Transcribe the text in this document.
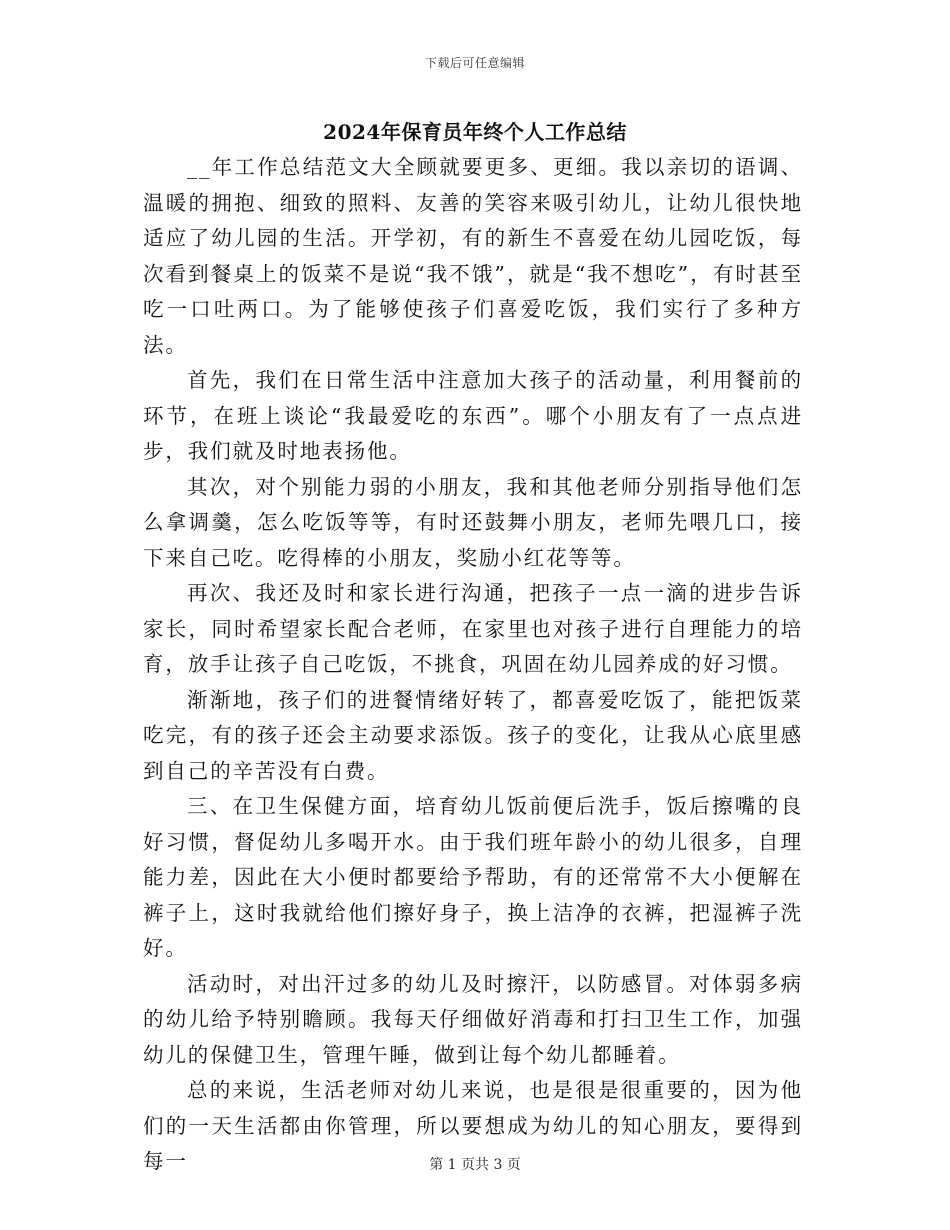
下载后可任意编辑
2024年保育员年终个人工作总结

__年工作总结范文大全顾就要更多、更细。我以亲切的语调、温暖的拥抱、细致的照料、友善的笑容来吸引幼儿，让幼儿很快地适应了幼儿园的生活。开学初，有的新生不喜爱在幼儿园吃饭，每次看到餐桌上的饭菜不是说“我不饿”，就是“我不想吃”，有时甚至吃一口吐两口。为了能够使孩子们喜爱吃饭，我们实行了多种方法。

首先，我们在日常生活中注意加大孩子的活动量，利用餐前的环节，在班上谈论“我最爱吃的东西”。哪个小朋友有了一点点进步，我们就及时地表扬他。

其次，对个别能力弱的小朋友，我和其他老师分别指导他们怎么拿调羹，怎么吃饭等等，有时还鼓舞小朋友，老师先喂几口，接下来自己吃。吃得棒的小朋友，奖励小红花等等。

再次、我还及时和家长进行沟通，把孩子一点一滴的进步告诉家长，同时希望家长配合老师，在家里也对孩子进行自理能力的培育，放手让孩子自己吃饭，不挑食，巩固在幼儿园养成的好习惯。

渐渐地，孩子们的进餐情绪好转了，都喜爱吃饭了，能把饭菜吃完，有的孩子还会主动要求添饭。孩子的变化，让我从心底里感到自己的辛苦没有白费。

三、在卫生保健方面，培育幼儿饭前便后洗手，饭后擦嘴的良好习惯，督促幼儿多喝开水。由于我们班年龄小的幼儿很多，自理能力差，因此在大小便时都要给予帮助，有的还常常不大小便解在裤子上，这时我就给他们擦好身子，换上洁净的衣裤，把湿裤子洗好。

活动时，对出汗过多的幼儿及时擦汗，以防感冒。对体弱多病的幼儿给予特别瞻顾。我每天仔细做好消毒和打扫卫生工作，加强幼儿的保健卫生，管理午睡，做到让每个幼儿都睡着。

总的来说，生活老师对幼儿来说，也是很是很重要的，因为他们的一天生活都由你管理，所以要想成为幼儿的知心朋友，要得到每一	第 1 页共 3 页
